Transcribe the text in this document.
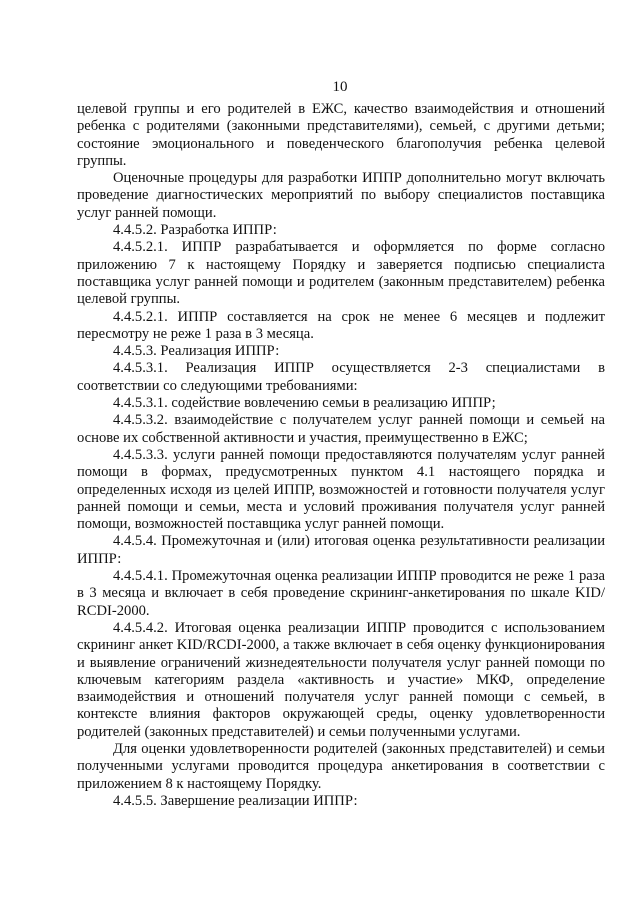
10

целевой группы и его родителей в ЕЖС, качество взаимодействия и отношений ребенка с родителями (законными представителями), семьей, с другими детьми; состояние эмоционального и поведенческого благополучия ребенка целевой группы.

Оценочные процедуры для разработки ИППР дополнительно могут включать проведение диагностических мероприятий по выбору специалистов поставщика услуг ранней помощи.

4.4.5.2. Разработка ИППР:

4.4.5.2.1. ИППР разрабатывается и оформляется по форме согласно приложению 7 к настоящему Порядку и заверяется подписью специалиста поставщика услуг ранней помощи и родителем (законным представителем) ребенка целевой группы.

4.4.5.2.1. ИППР составляется на срок не менее 6 месяцев и подлежит пересмотру не реже 1 раза в 3 месяца.

4.4.5.3. Реализация ИППР:

4.4.5.3.1. Реализация ИППР осуществляется 2-3 специалистами в соответствии со следующими требованиями:

4.4.5.3.1. содействие вовлечению семьи в реализацию ИППР;

4.4.5.3.2. взаимодействие с получателем услуг ранней помощи и семьей на основе их собственной активности и участия, преимущественно в ЕЖС;

4.4.5.3.3. услуги ранней помощи предоставляются получателям услуг ранней помощи в формах, предусмотренных пунктом 4.1 настоящего порядка и определенных исходя из целей ИППР, возможностей и готовности получателя услуг ранней помощи и семьи, места и условий проживания получателя услуг ранней помощи, возможностей поставщика услуг ранней помощи.

4.4.5.4. Промежуточная и (или) итоговая оценка результативности реализации ИППР:

4.4.5.4.1. Промежуточная оценка реализации ИППР проводится не реже 1 раза в 3 месяца и включает в себя проведение скрининг-анкетирования по шкале KID/ RCDI-2000.

4.4.5.4.2. Итоговая оценка реализации ИППР проводится с использованием скрининг анкет KID/RCDI-2000, а также включает в себя оценку функционирования и выявление ограничений жизнедеятельности получателя услуг ранней помощи по ключевым категориям раздела «активность и участие» МКФ, определение взаимодействия и отношений получателя услуг ранней помощи с семьей, в контексте влияния факторов окружающей среды, оценку удовлетворенности родителей (законных представителей) и семьи полученными услугами.

Для оценки удовлетворенности родителей (законных представителей) и семьи полученными услугами проводится процедура анкетирования в соответствии с приложением 8 к настоящему Порядку.

4.4.5.5. Завершение реализации ИППР:
